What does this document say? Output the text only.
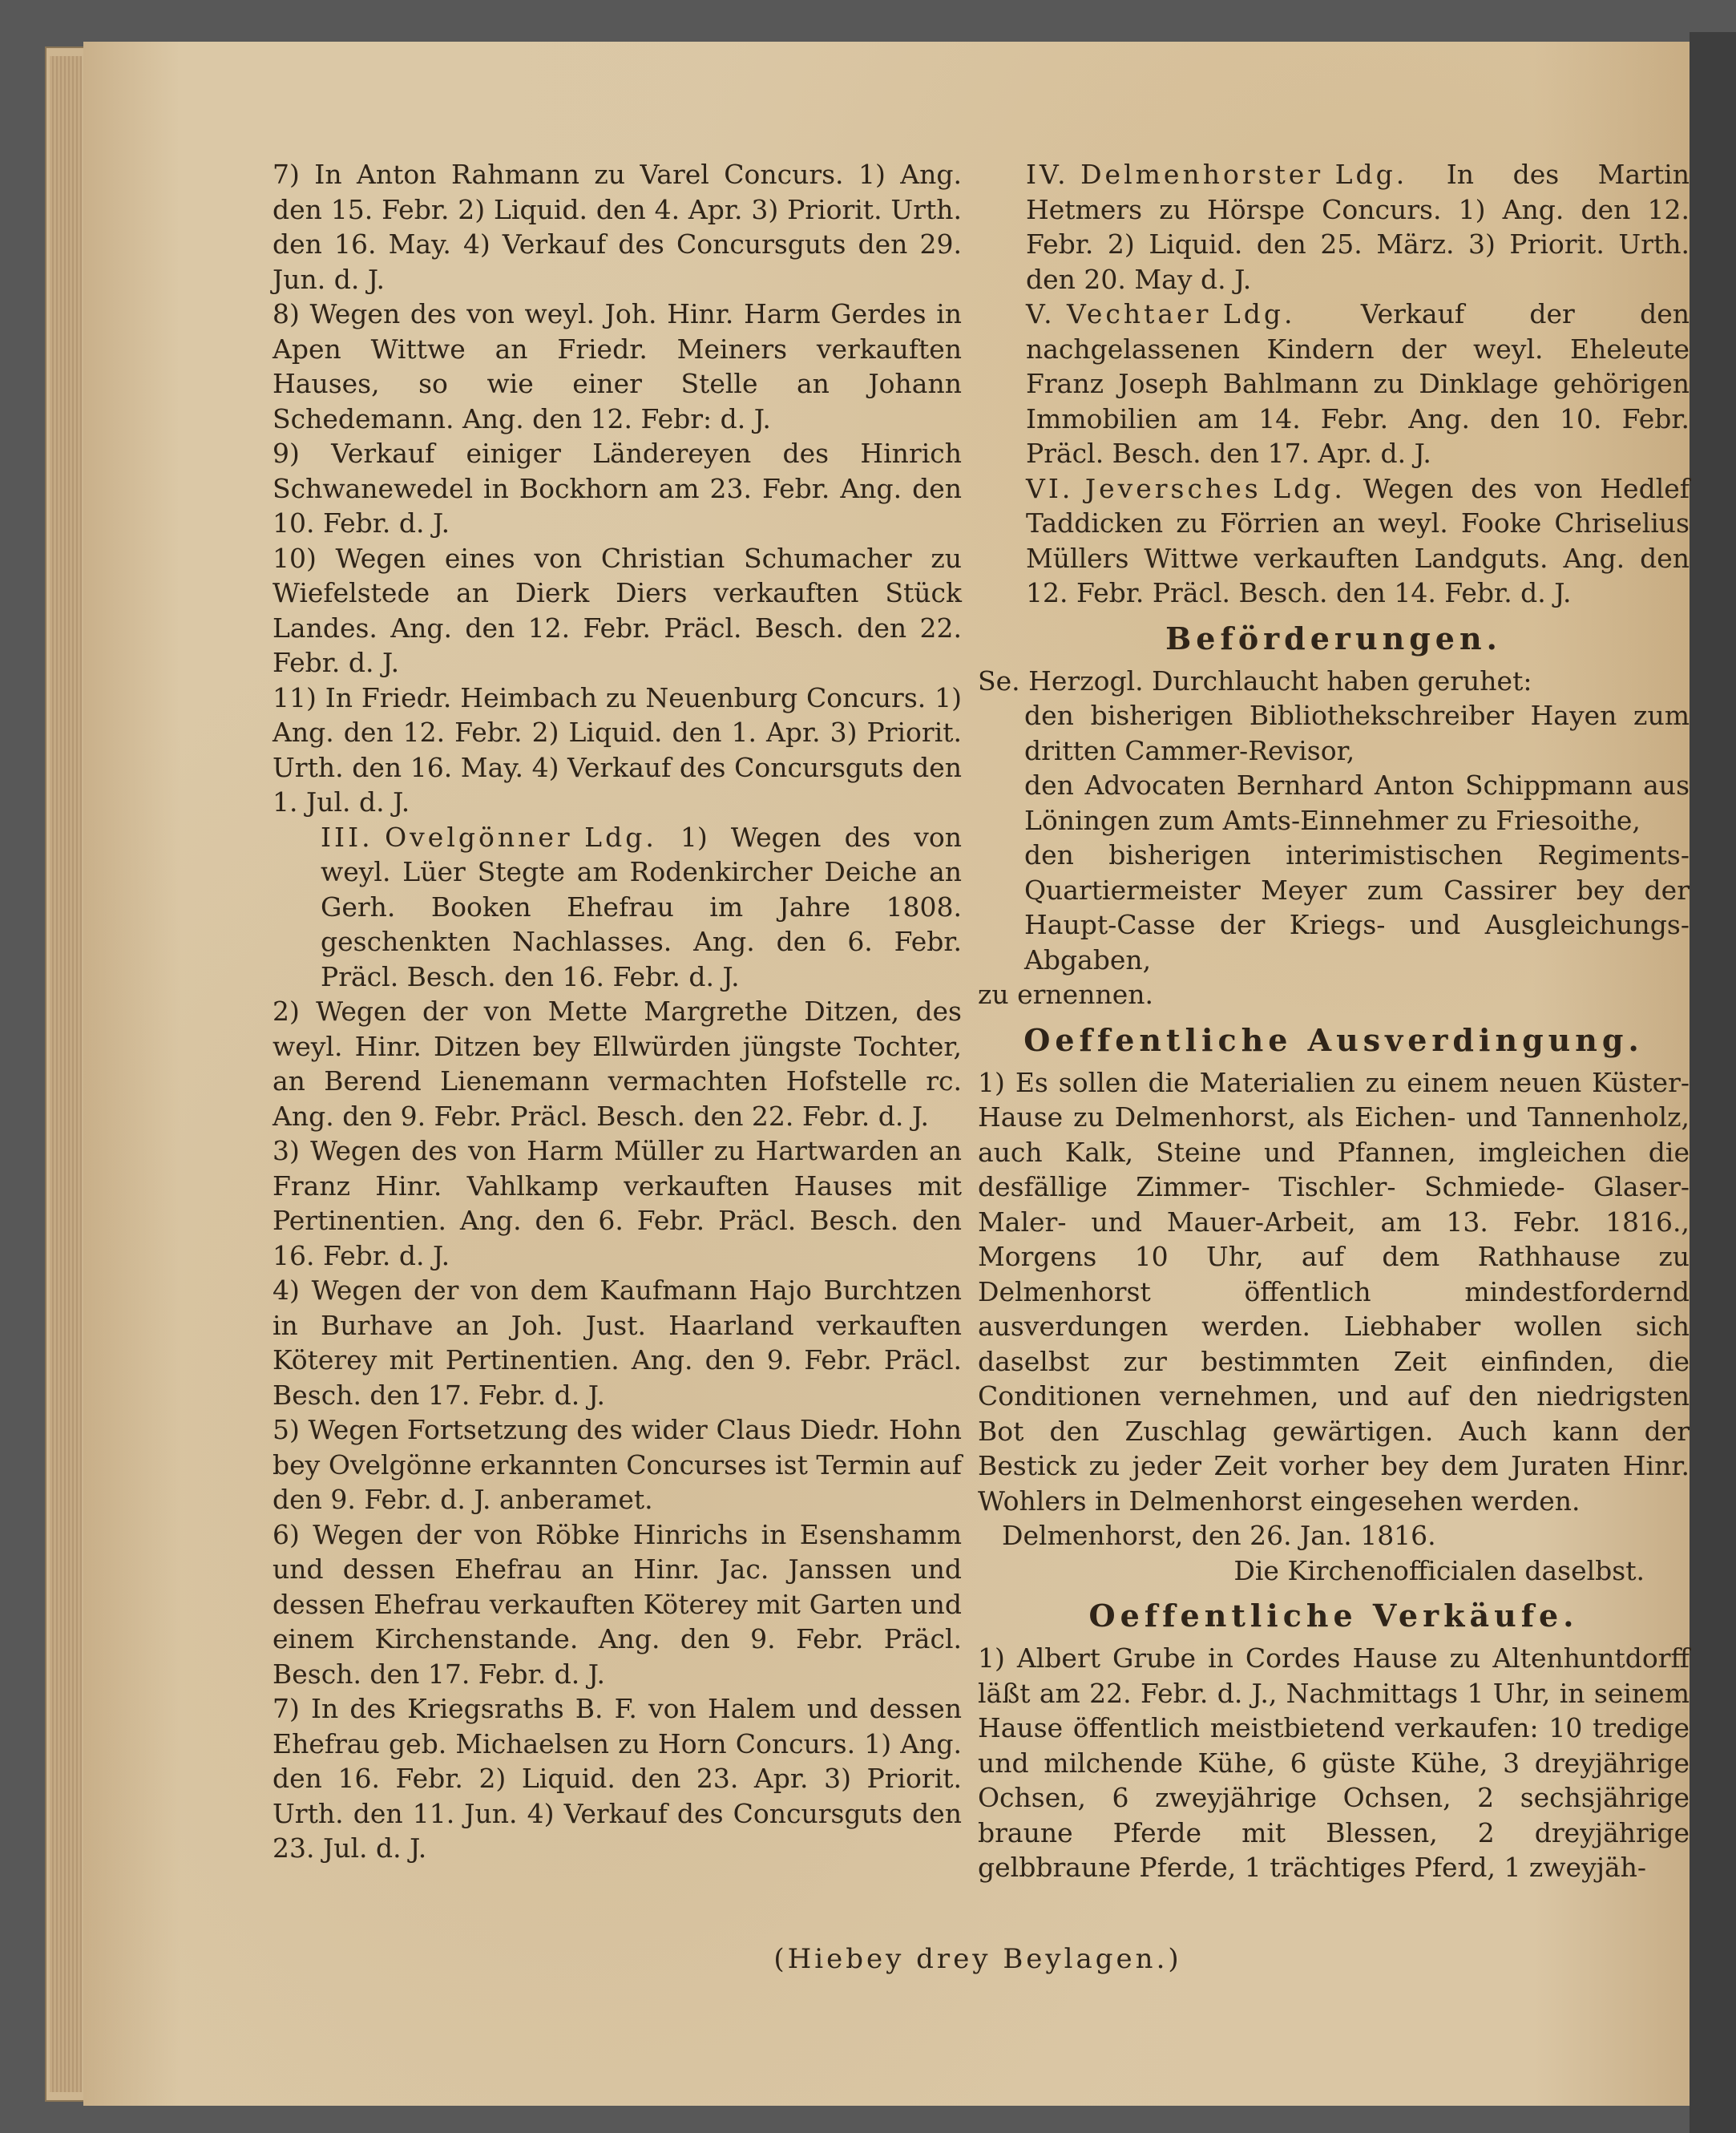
7) In Anton Rahmann zu Varel Concurs. 1) Ang. den 15. Febr. 2) Liquid. den 4. Apr. 3) Priorit. Urth. den 16. May. 4) Verkauf des Concursguts den 29. Jun. d. J.

8) Wegen des von weyl. Joh. Hinr. Harm Gerdes in Apen Wittwe an Friedr. Meiners verkauften Hauses, so wie einer Stelle an Johann Schedemann. Ang. den 12. Febr: d. J.

9) Verkauf einiger Ländereyen des Hinrich Schwanewedel in Bockhorn am 23. Febr. Ang. den 10. Febr. d. J.

10) Wegen eines von Christian Schumacher zu Wiefelstede an Dierk Diers verkauften Stück Landes. Ang. den 12. Febr. Präcl. Besch. den 22. Febr. d. J.

11) In Friedr. Heimbach zu Neuenburg Concurs. 1) Ang. den 12. Febr. 2) Liquid. den 1. Apr. 3) Priorit. Urth. den 16. May. 4) Verkauf des Concursguts den 1. Jul. d. J.

III. Ovelgönner Ldg. 1) Wegen des von weyl. Lüer Stegte am Rodenkircher Deiche an Gerh. Booken Ehefrau im Jahre 1808. geschenkten Nachlasses. Ang. den 6. Febr. Präcl. Besch. den 16. Febr. d. J.

2) Wegen der von Mette Margrethe Ditzen, des weyl. Hinr. Ditzen bey Ellwürden jüngste Tochter, an Berend Lienemann vermachten Hofstelle rc. Ang. den 9. Febr. Präcl. Besch. den 22. Febr. d. J.

3) Wegen des von Harm Müller zu Hartwarden an Franz Hinr. Vahlkamp verkauften Hauses mit Pertinentien. Ang. den 6. Febr. Präcl. Besch. den 16. Febr. d. J.

4) Wegen der von dem Kaufmann Hajo Burchtzen in Burhave an Joh. Just. Haarland verkauften Köterey mit Pertinentien. Ang. den 9. Febr. Präcl. Besch. den 17. Febr. d. J.

5) Wegen Fortsetzung des wider Claus Diedr. Hohn bey Ovelgönne erkannten Concurses ist Termin auf den 9. Febr. d. J. anberamet.

6) Wegen der von Röbke Hinrichs in Esenshamm und dessen Ehefrau an Hinr. Jac. Janssen und dessen Ehefrau verkauften Köterey mit Garten und einem Kirchenstande. Ang. den 9. Febr. Präcl. Besch. den 17. Febr. d. J.

7) In des Kriegsraths B. F. von Halem und dessen Ehefrau geb. Michaelsen zu Horn Concurs. 1) Ang. den 16. Febr. 2) Liquid. den 23. Apr. 3) Priorit. Urth. den 11. Jun. 4) Verkauf des Concursguts den 23. Jul. d. J.

IV. Delmenhorster Ldg. In des Martin Hetmers zu Hörspe Concurs. 1) Ang. den 12. Febr. 2) Liquid. den 25. März. 3) Priorit. Urth. den 20. May d. J.

V. Vechtaer Ldg. Verkauf der den nachgelassenen Kindern der weyl. Eheleute Franz Joseph Bahlmann zu Dinklage gehörigen Immobilien am 14. Febr. Ang. den 10. Febr. Präcl. Besch. den 17. Apr. d. J.

VI. Jeversches Ldg. Wegen des von Hedlef Taddicken zu Förrien an weyl. Fooke Chriselius Müllers Wittwe verkauften Landguts. Ang. den 12. Febr. Präcl. Besch. den 14. Febr. d. J.

Beförderungen.

Se. Herzogl. Durchlaucht haben geruhet:

den bisherigen Bibliothekschreiber Hayen zum dritten Cammer-Revisor,

den Advocaten Bernhard Anton Schippmann aus Löningen zum Amts-Einnehmer zu Friesoithe,

den bisherigen interimistischen Regiments-Quartiermeister Meyer zum Cassirer bey der Haupt-Casse der Kriegs- und Ausgleichungs-Abgaben,

zu ernennen.

Oeffentliche Ausverdingung.

1) Es sollen die Materialien zu einem neuen Küster-Hause zu Delmenhorst, als Eichen- und Tannenholz, auch Kalk, Steine und Pfannen, imgleichen die desfällige Zimmer- Tischler- Schmiede- Glaser- Maler- und Mauer-Arbeit, am 13. Febr. 1816., Morgens 10 Uhr, auf dem Rathhause zu Delmenhorst öffentlich mindestfordernd ausverdungen werden. Liebhaber wollen sich daselbst zur bestimmten Zeit einfinden, die Conditionen vernehmen, und auf den niedrigsten Bot den Zuschlag gewärtigen. Auch kann der Bestick zu jeder Zeit vorher bey dem Juraten Hinr. Wohlers in Delmenhorst eingesehen werden.

Delmenhorst, den 26. Jan. 1816.

Die Kirchenofficialen daselbst.

Oeffentliche Verkäufe.

1) Albert Grube in Cordes Hause zu Altenhuntdorff läßt am 22. Febr. d. J., Nachmittags 1 Uhr, in seinem Hause öffentlich meistbietend verkaufen: 10 tredige und milchende Kühe, 6 güste Kühe, 3 dreyjährige Ochsen, 6 zweyjährige Ochsen, 2 sechsjährige braune Pferde mit Blessen, 2 dreyjährige gelbbraune Pferde, 1 trächtiges Pferd, 1 zweyjäh-

(Hiebey drey Beylagen.)
